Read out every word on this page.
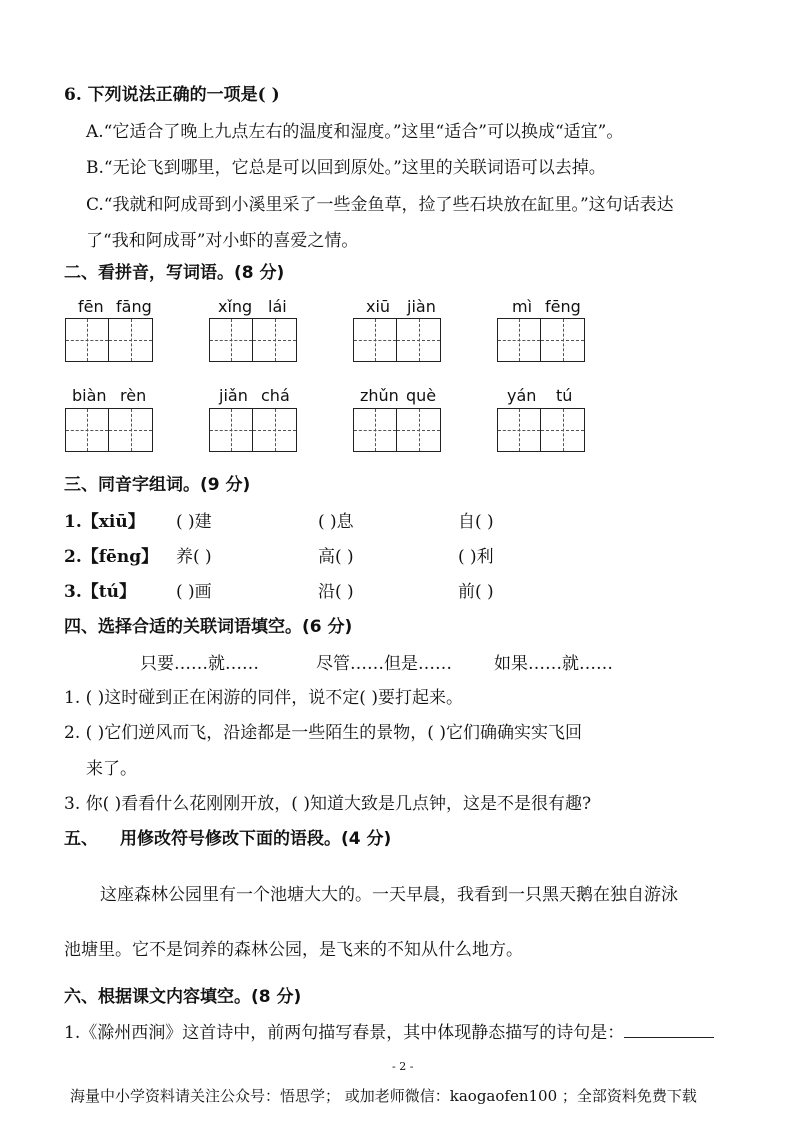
6. 下列说法正确的一项是( )
A.“它适合了晚上九点左右的温度和湿度。”这里“适合”可以换成“适宜”。
B.“无论飞到哪里，它总是可以回到原处。”这里的关联词语可以去掉。
C.“我就和阿成哥到小溪里采了一些金鱼草，捡了些石块放在缸里。”这句话表达
了“我和阿成哥”对小虾的喜爱之情。
二、看拼音，写词语。(8 分)
fēn fāng	xǐng lái	xiū jiàn	mì fēng
biàn rèn	jiǎn chá	zhǔn què	yán tú
三、同音字组词。(9 分)
1.【xiū】 ( )建	( )息	自( )
2.【fēng】 养( )	高( )	( )利
3.【tú】 ( )画	沿( )	前( )
四、选择合适的关联词语填空。(6 分)
只要……就……	尽管……但是…… 如果……就……
1. ( )这时碰到正在闲游的同伴，说不定( )要打起来。
2. ( )它们逆风而飞，沿途都是一些陌生的景物，( )它们确确实实飞回
来了。
3. 你( )看看什么花刚刚开放，( )知道大致是几点钟，这是不是很有趣?
五、 用修改符号修改下面的语段。(4 分)
这座森林公园里有一个池塘大大的。一天早晨，我看到一只黑天鹅在独自游泳
池塘里。它不是饲养的森林公园，是飞来的不知从什么地方。
六、根据课文内容填空。(8 分)
1.《滁州西涧》这首诗中，前两句描写春景，其中体现静态描写的诗句是：
- 2 -
海量中小学资料请关注公众号：悟思学； 或加老师微信：kaogaofen100 ；全部资料免费下载
